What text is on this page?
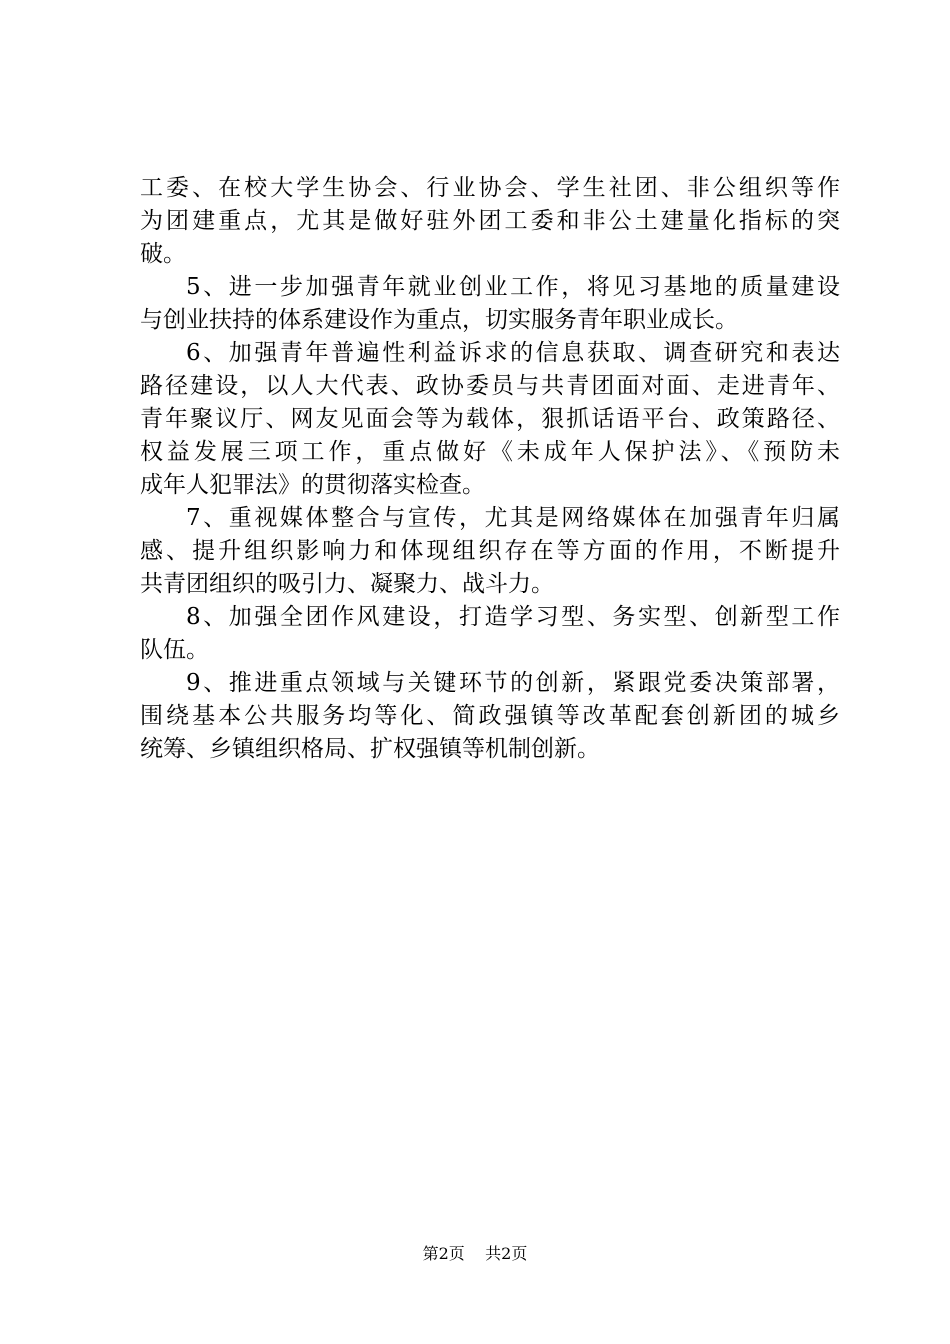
工委、在校大学生协会、行业协会、学生社团、非公组织等作
为团建重点，尤其是做好驻外团工委和非公土建量化指标的突
破。
5、进一步加强青年就业创业工作，将见习基地的质量建设
与创业扶持的体系建设作为重点，切实服务青年职业成长。
6、加强青年普遍性利益诉求的信息获取、调查研究和表达
路径建设，以人大代表、政协委员与共青团面对面、走进青年、
青年聚议厅、网友见面会等为载体，狠抓话语平台、政策路径、
权益发展三项工作，重点做好《未成年人保护法》、《预防未
成年人犯罪法》的贯彻落实检查。
7、重视媒体整合与宣传，尤其是网络媒体在加强青年归属
感、提升组织影响力和体现组织存在等方面的作用，不断提升
共青团组织的吸引力、凝聚力、战斗力。
8、加强全团作风建设，打造学习型、务实型、创新型工作
队伍。
9、推进重点领域与关键环节的创新，紧跟党委决策部署，
围绕基本公共服务均等化、简政强镇等改革配套创新团的城乡
统筹、乡镇组织格局、扩权强镇等机制创新。
第2页 共2页
